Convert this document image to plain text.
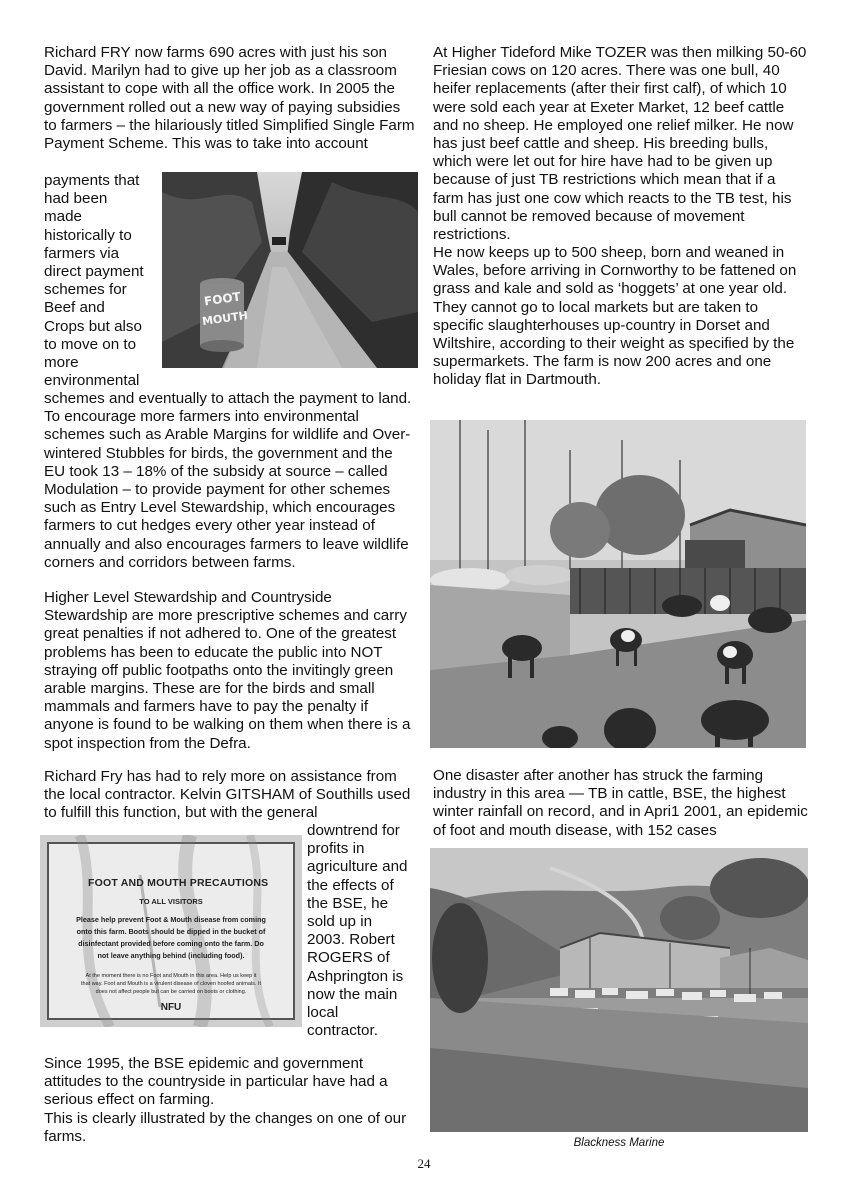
Richard FRY now farms 690 acres with just his son David. Marilyn had to give up her job as a classroom assistant to cope with all the office work. In 2005 the government rolled out a new way of paying subsidies to farmers – the hilariously titled Simplified Single Farm Payment Scheme. This was to take into account

payments that
had been
made
historically to
farmers via
direct payment
schemes for
Beef and
Crops but also
to move on to
more
environmental
FOOT
MOUTH

schemes and eventually to attach the payment to land. To encourage more farmers into environmental schemes such as Arable Margins for wildlife and Over-wintered Stubbles for birds, the government and the EU took 13 – 18% of the subsidy at source – called Modulation – to provide payment for other schemes such as Entry Level Stewardship, which encourages farmers to cut hedges every other year instead of annually and also encourages farmers to leave wildlife corners and corridors between farms.

Higher Level Stewardship and Countryside Stewardship are more prescriptive schemes and carry great penalties if not adhered to. One of the greatest problems has been to educate the public into NOT straying off public footpaths onto the invitingly green arable margins. These are for the birds and small mammals and farmers have to pay the penalty if anyone is found to be walking on them when there is a spot inspection from the Defra.

Richard Fry has had to rely more on assistance from the local contractor. Kelvin GITSHAM of Southills used to fulfill this function, but with the general

FOOT AND MOUTH PRECAUTIONS
TO ALL VISITORS
Please help prevent Foot & Mouth disease from coming
onto this farm. Boots should be dipped in the bucket of
disinfectant provided before coming onto the farm. Do
not leave anything behind (including food).
At the moment there is no Foot and Mouth in this area. Help us keep it
that way. Foot and Mouth is a virulent disease of cloven hoofed animals. It
does not affect people but can be carried on boots or clothing.
NFU
downtrend for
profits in
agriculture and
the effects of
the BSE, he
sold up in
2003. Robert
ROGERS of
Ashprington is
now the main
local
contractor.

Since 1995, the BSE epidemic and government attitudes to the countryside in particular have had a serious effect on farming.

This is clearly illustrated by the changes on one of our farms.

At Higher Tideford Mike TOZER was then milking 50-60 Friesian cows on 120 acres. There was one bull, 40 heifer replacements (after their first calf), of which 10 were sold each year at Exeter Market, 12 beef cattle and no sheep. He employed one relief milker. He now has just beef cattle and sheep. His breeding bulls, which were let out for hire have had to be given up because of just TB restrictions which mean that if a farm has just one cow which reacts to the TB test, his bull cannot be removed because of movement restrictions.

He now keeps up to 500 sheep, born and weaned in Wales, before arriving in Cornworthy to be fattened on grass and kale and sold as ‘hoggets’ at one year old. They cannot go to local markets but are taken to specific slaughterhouses up-country in Dorset and Wiltshire, according to their weight as specified by the supermarkets. The farm is now 200 acres and one holiday flat in Dartmouth.

One disaster after another has struck the farming industry in this area — TB in cattle, BSE, the highest winter rainfall on record, and in Apri1 2001, an epidemic of foot and mouth disease, with 152 cases

Blackness Marine
24
